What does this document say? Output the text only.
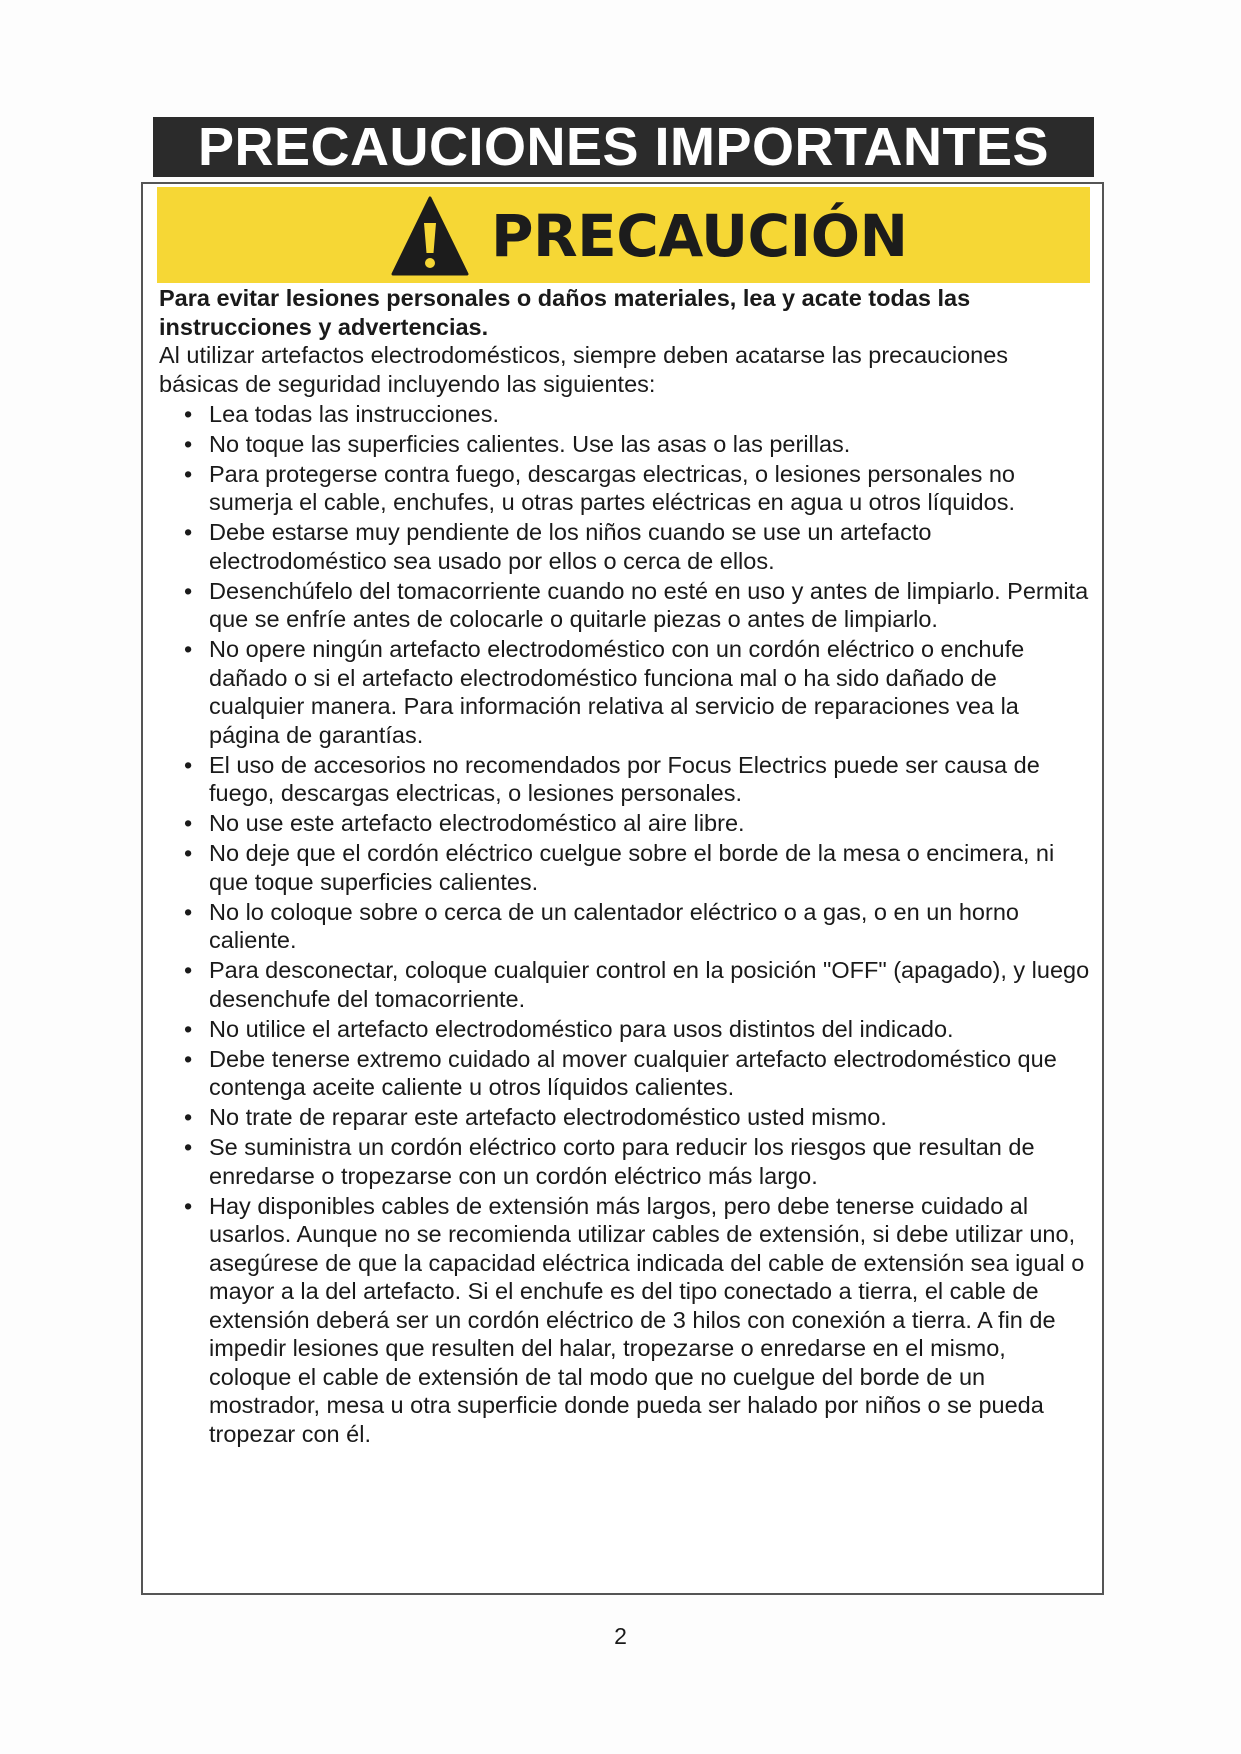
PRECAUCIONES IMPORTANTES
PRECAUCIÓN

Para evitar lesiones personales o daños materiales, lea y acate todas las instrucciones y advertencias.

Al utilizar artefactos electrodomésticos, siempre deben acatarse las precauciones básicas de seguridad incluyendo las siguientes:

• Lea todas las instrucciones.
• No toque las superficies calientes. Use las asas o las perillas.
• Para protegerse contra fuego, descargas electricas, o lesiones personales no sumerja el cable, enchufes, u otras partes eléctricas en agua u otros líquidos.
• Debe estarse muy pendiente de los niños cuando se use un artefacto electrodoméstico sea usado por ellos o cerca de ellos.
• Desenchúfelo del tomacorriente cuando no esté en uso y antes de limpiarlo. Permita que se enfríe antes de colocarle o quitarle piezas o antes de limpiarlo.
• No opere ningún artefacto electrodoméstico con un cordón eléctrico o enchufe dañado o si el artefacto electrodoméstico funciona mal o ha sido dañado de cualquier manera. Para información relativa al servicio de reparaciones vea la página de garantías.
• El uso de accesorios no recomendados por Focus Electrics puede ser causa de fuego, descargas electricas, o lesiones personales.
• No use este artefacto electrodoméstico al aire libre.
• No deje que el cordón eléctrico cuelgue sobre el borde de la mesa o encimera, ni que toque superficies calientes.
• No lo coloque sobre o cerca de un calentador eléctrico o a gas, o en un horno caliente.
• Para desconectar, coloque cualquier control en la posición "OFF" (apagado), y luego desenchufe del tomacorriente.
• No utilice el artefacto electrodoméstico para usos distintos del indicado.
• Debe tenerse extremo cuidado al mover cualquier artefacto electrodoméstico que contenga aceite caliente u otros líquidos calientes.
• No trate de reparar este artefacto electrodoméstico usted mismo.
• Se suministra un cordón eléctrico corto para reducir los riesgos que resultan de enredarse o tropezarse con un cordón eléctrico más largo.
• Hay disponibles cables de extensión más largos, pero debe tenerse cuidado al usarlos. Aunque no se recomienda utilizar cables de extensión, si debe utilizar uno, asegúrese de que la capacidad eléctrica indicada del cable de extensión sea igual o mayor a la del artefacto. Si el enchufe es del tipo conectado a tierra, el cable de extensión deberá ser un cordón eléctrico de 3 hilos con conexión a tierra. A fin de impedir lesiones que resulten del halar, tropezarse o enredarse en el mismo, coloque el cable de extensión de tal modo que no cuelgue del borde de un mostrador, mesa u otra superficie donde pueda ser halado por niños o se pueda tropezar con él.
2
